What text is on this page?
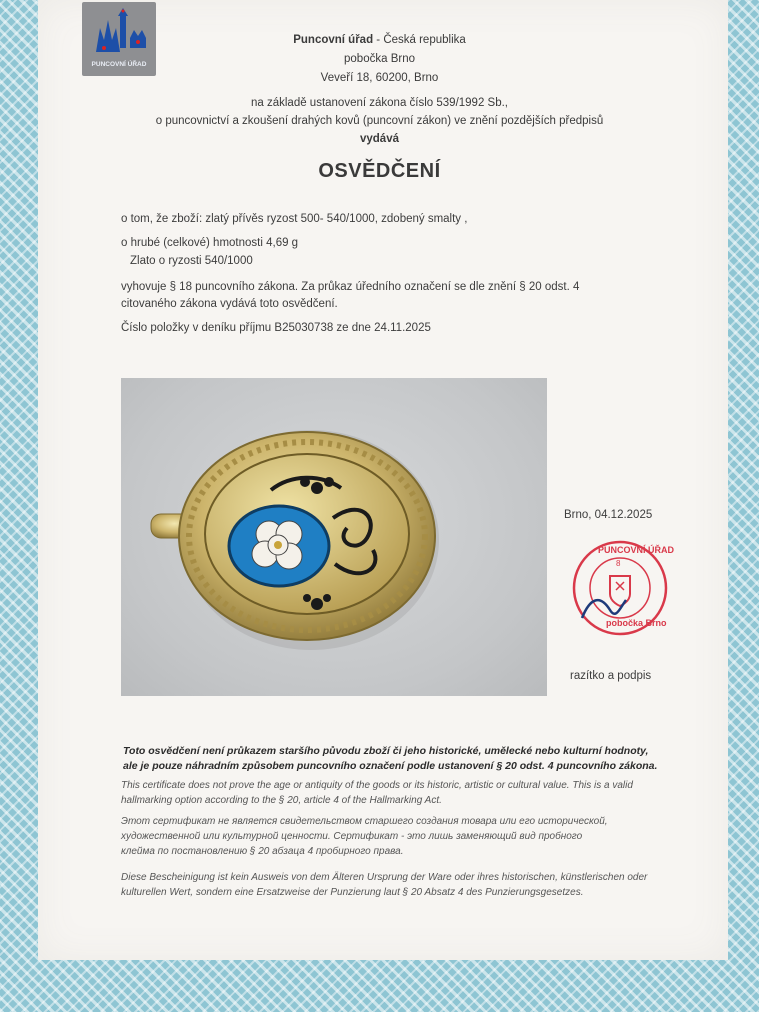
PUNCOVNÍ ÚŘAD
Puncovní úřad - Česká republika
pobočka Brno
Veveří 18, 60200, Brno
na základě ustanovení zákona číslo 539/1992 Sb.,
o puncovnictví a zkoušení drahých kovů (puncovní zákon) ve znění pozdějších předpisů
vydává
OSVĚDČENÍ
o tom, že zboží: zlatý přívěs ryzost 500- 540/1000, zdobený smalty ,
o hrubé (celkové) hmotnosti 4,69 g
Zlato o ryzosti 540/1000
vyhovuje § 18 puncovního zákona. Za průkaz úředního označení se dle znění § 20 odst. 4
citovaného zákona vydává toto osvědčení.
Číslo položky v deníku příjmu B25030738 ze dne 24.11.2025
Brno, 04.12.2025
PUNCOVNÍ ÚŘAD
8
pobočka Brno
razítko a podpis
Toto osvědčení není průkazem staršího původu zboží či jeho historické, umělecké nebo kulturní hodnoty,
ale je pouze náhradním způsobem puncovního označení podle ustanovení § 20 odst. 4 puncovního zákona.
This certificate does not prove the age or antiquity of the goods or its historic, artistic or cultural value. This is a valid
hallmarking option according to the § 20, article 4 of the Hallmarking Act.
Этот сертификат не является свидетельством старшего создания товара или его исторической,
художественной или культурной ценности. Сертификат - это лишь заменяющий вид пробного
клейма по постановлению § 20 абзаца 4 пробирного права.
Diese Bescheinigung ist kein Ausweis von dem Älteren Ursprung der Ware oder ihres historischen, künstlerischen oder
kulturellen Wert, sondern eine Ersatzweise der Punzierung laut § 20 Absatz 4 des Punzierungsgesetzes.
